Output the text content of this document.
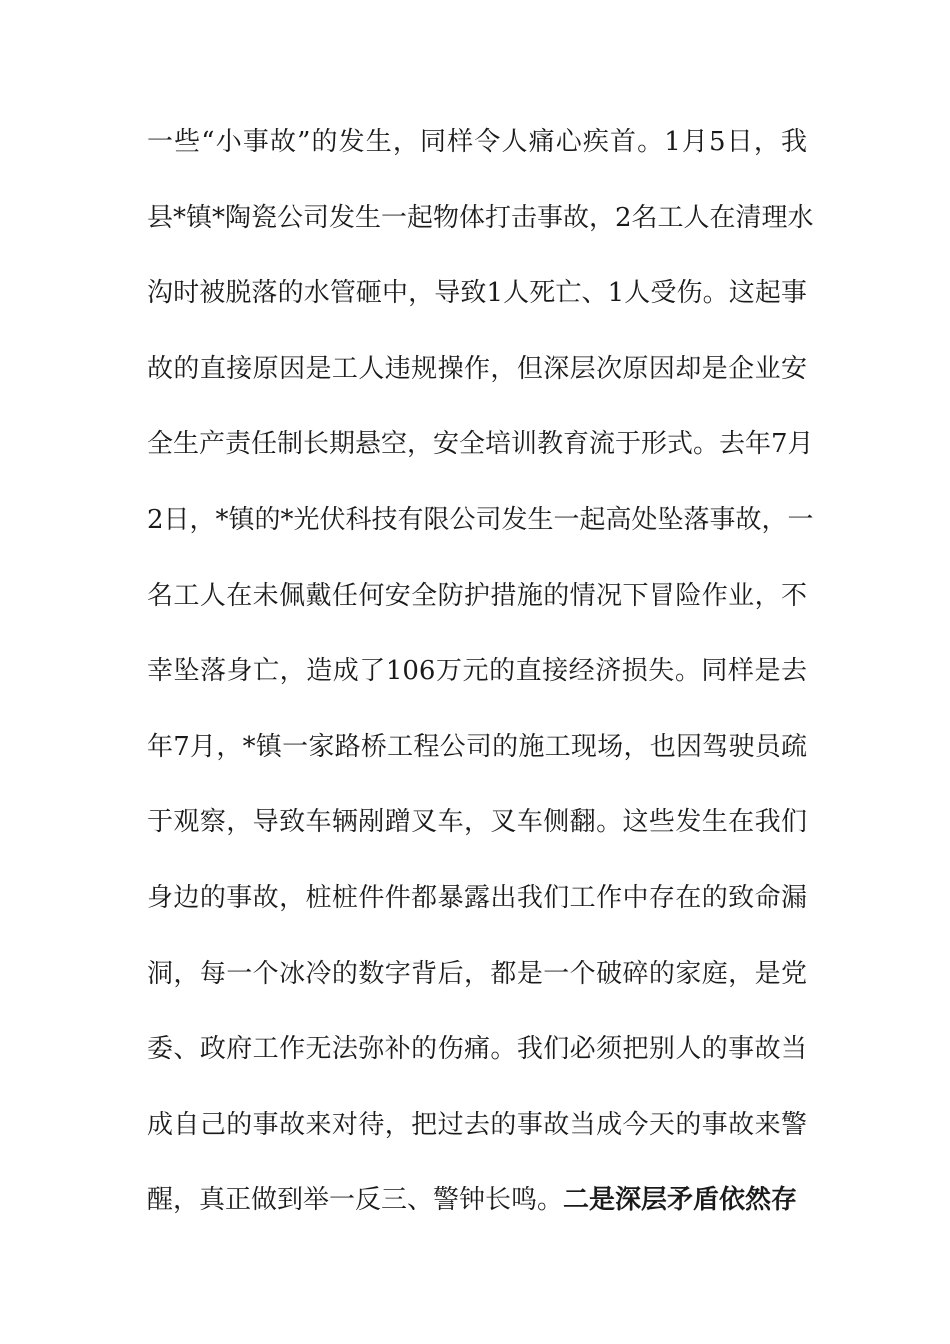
一些“小事故”的发生，同样令人痛心疾首。1月5日，我
县*镇*陶瓷公司发生一起物体打击事故，2名工人在清理水
沟时被脱落的水管砸中，导致1人死亡、1人受伤。这起事
故的直接原因是工人违规操作，但深层次原因却是企业安
全生产责任制长期悬空，安全培训教育流于形式。去年7月
2日，*镇的*光伏科技有限公司发生一起高处坠落事故，一
名工人在未佩戴任何安全防护措施的情况下冒险作业，不
幸坠落身亡，造成了106万元的直接经济损失。同样是去
年7月，*镇一家路桥工程公司的施工现场，也因驾驶员疏
于观察，导致车辆剐蹭叉车，叉车侧翻。这些发生在我们
身边的事故，桩桩件件都暴露出我们工作中存在的致命漏
洞，每一个冰冷的数字背后，都是一个破碎的家庭，是党
委、政府工作无法弥补的伤痛。我们必须把别人的事故当
成自己的事故来对待，把过去的事故当成今天的事故来警
醒，真正做到举一反三、警钟长鸣。二是深层矛盾依然存
